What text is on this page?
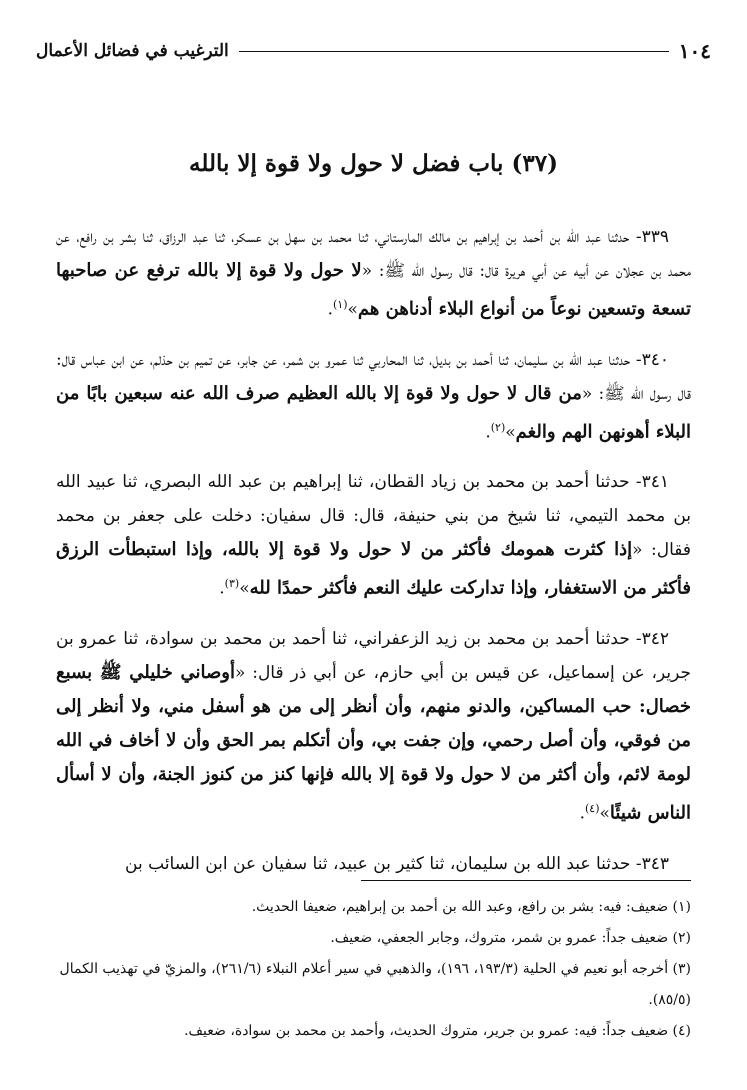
١٠٤
الترغيب في فضائل الأعمال
(٣٧) باب فضل لا حول ولا قوة إلا بالله

٣٣٩- حدثنا عبد الله بن أحمد بن إبراهيم بن مالك المارستاني، ثنا محمد بن سهل بن عسكر، ثنا عبد الرزاق، ثنا بشر بن رافع، عن محمد بن عجلان عن أبيه عن أبي هريرة قال: قال رسول الله ﷺ: «لا حول ولا قوة إلا بالله ترفع عن صاحبها تسعة وتسعين نوعاً من أنواع البلاء أدناهن هم»$^{(١)}$.

٣٤٠- حدثنا عبد الله بن سليمان، ثنا أحمد بن بديل، ثنا المحاربي ثنا عمرو بن شمر، عن جابر، عن تميم بن حذلم، عن ابن عباس قال: قال رسول الله ﷺ: «من قال لا حول ولا قوة إلا بالله العظيم صرف الله عنه سبعين بابًا من البلاء أهونهن الهم والغم»$^{(٢)}$.

٣٤١- حدثنا أحمد بن محمد بن زياد القطان، ثنا إبراهيم بن عبد الله البصري، ثنا عبيد الله بن محمد التيمي، ثنا شيخ من بني حنيفة، قال: قال سفيان: دخلت على جعفر بن محمد فقال: «إذا كثرت همومك فأكثر من لا حول ولا قوة إلا بالله، وإذا استبطأت الرزق فأكثر من الاستغفار، وإذا تداركت عليك النعم فأكثر حمدًا لله»$^{(٣)}$.

٣٤٢- حدثنا أحمد بن محمد بن زيد الزعفراني، ثنا أحمد بن محمد بن سوادة، ثنا عمرو بن جرير، عن إسماعيل، عن قيس بن أبي حازم، عن أبي ذر قال: «أوصاني خليلي ﷺ بسبع خصال: حب المساكين، والدنو منهم، وأن أنظر إلى من هو أسفل مني، ولا أنظر إلى من فوقي، وأن أصل رحمي، وإن جفت بي، وأن أتكلم بمر الحق وأن لا أخاف في الله لومة لائم، وأن أكثر من لا حول ولا قوة إلا بالله فإنها كنز من كنوز الجنة، وأن لا أسأل الناس شيئًا»$^{(٤)}$.

٣٤٣- حدثنا عبد الله بن سليمان، ثنا كثير بن عبيد، ثنا سفيان عن ابن السائب بن

(١) ضعيف: فيه: بشر بن رافع، وعبد الله بن أحمد بن إبراهيم، ضعيفا الحديث.

(٢) ضعيف جداً: عمرو بن شمر، متروك، وجابر الجعفي، ضعيف.

(٣) أخرجه أبو نعيم في الحلية (١٩٣/٣، ١٩٦)، والذهبي في سير أعلام النبلاء (٢٦١/٦)، والمزيّ في تهذيب الكمال (٨٥/٥).

(٤) ضعيف جداً: فيه: عمرو بن جرير، متروك الحديث، وأحمد بن محمد بن سوادة، ضعيف.
